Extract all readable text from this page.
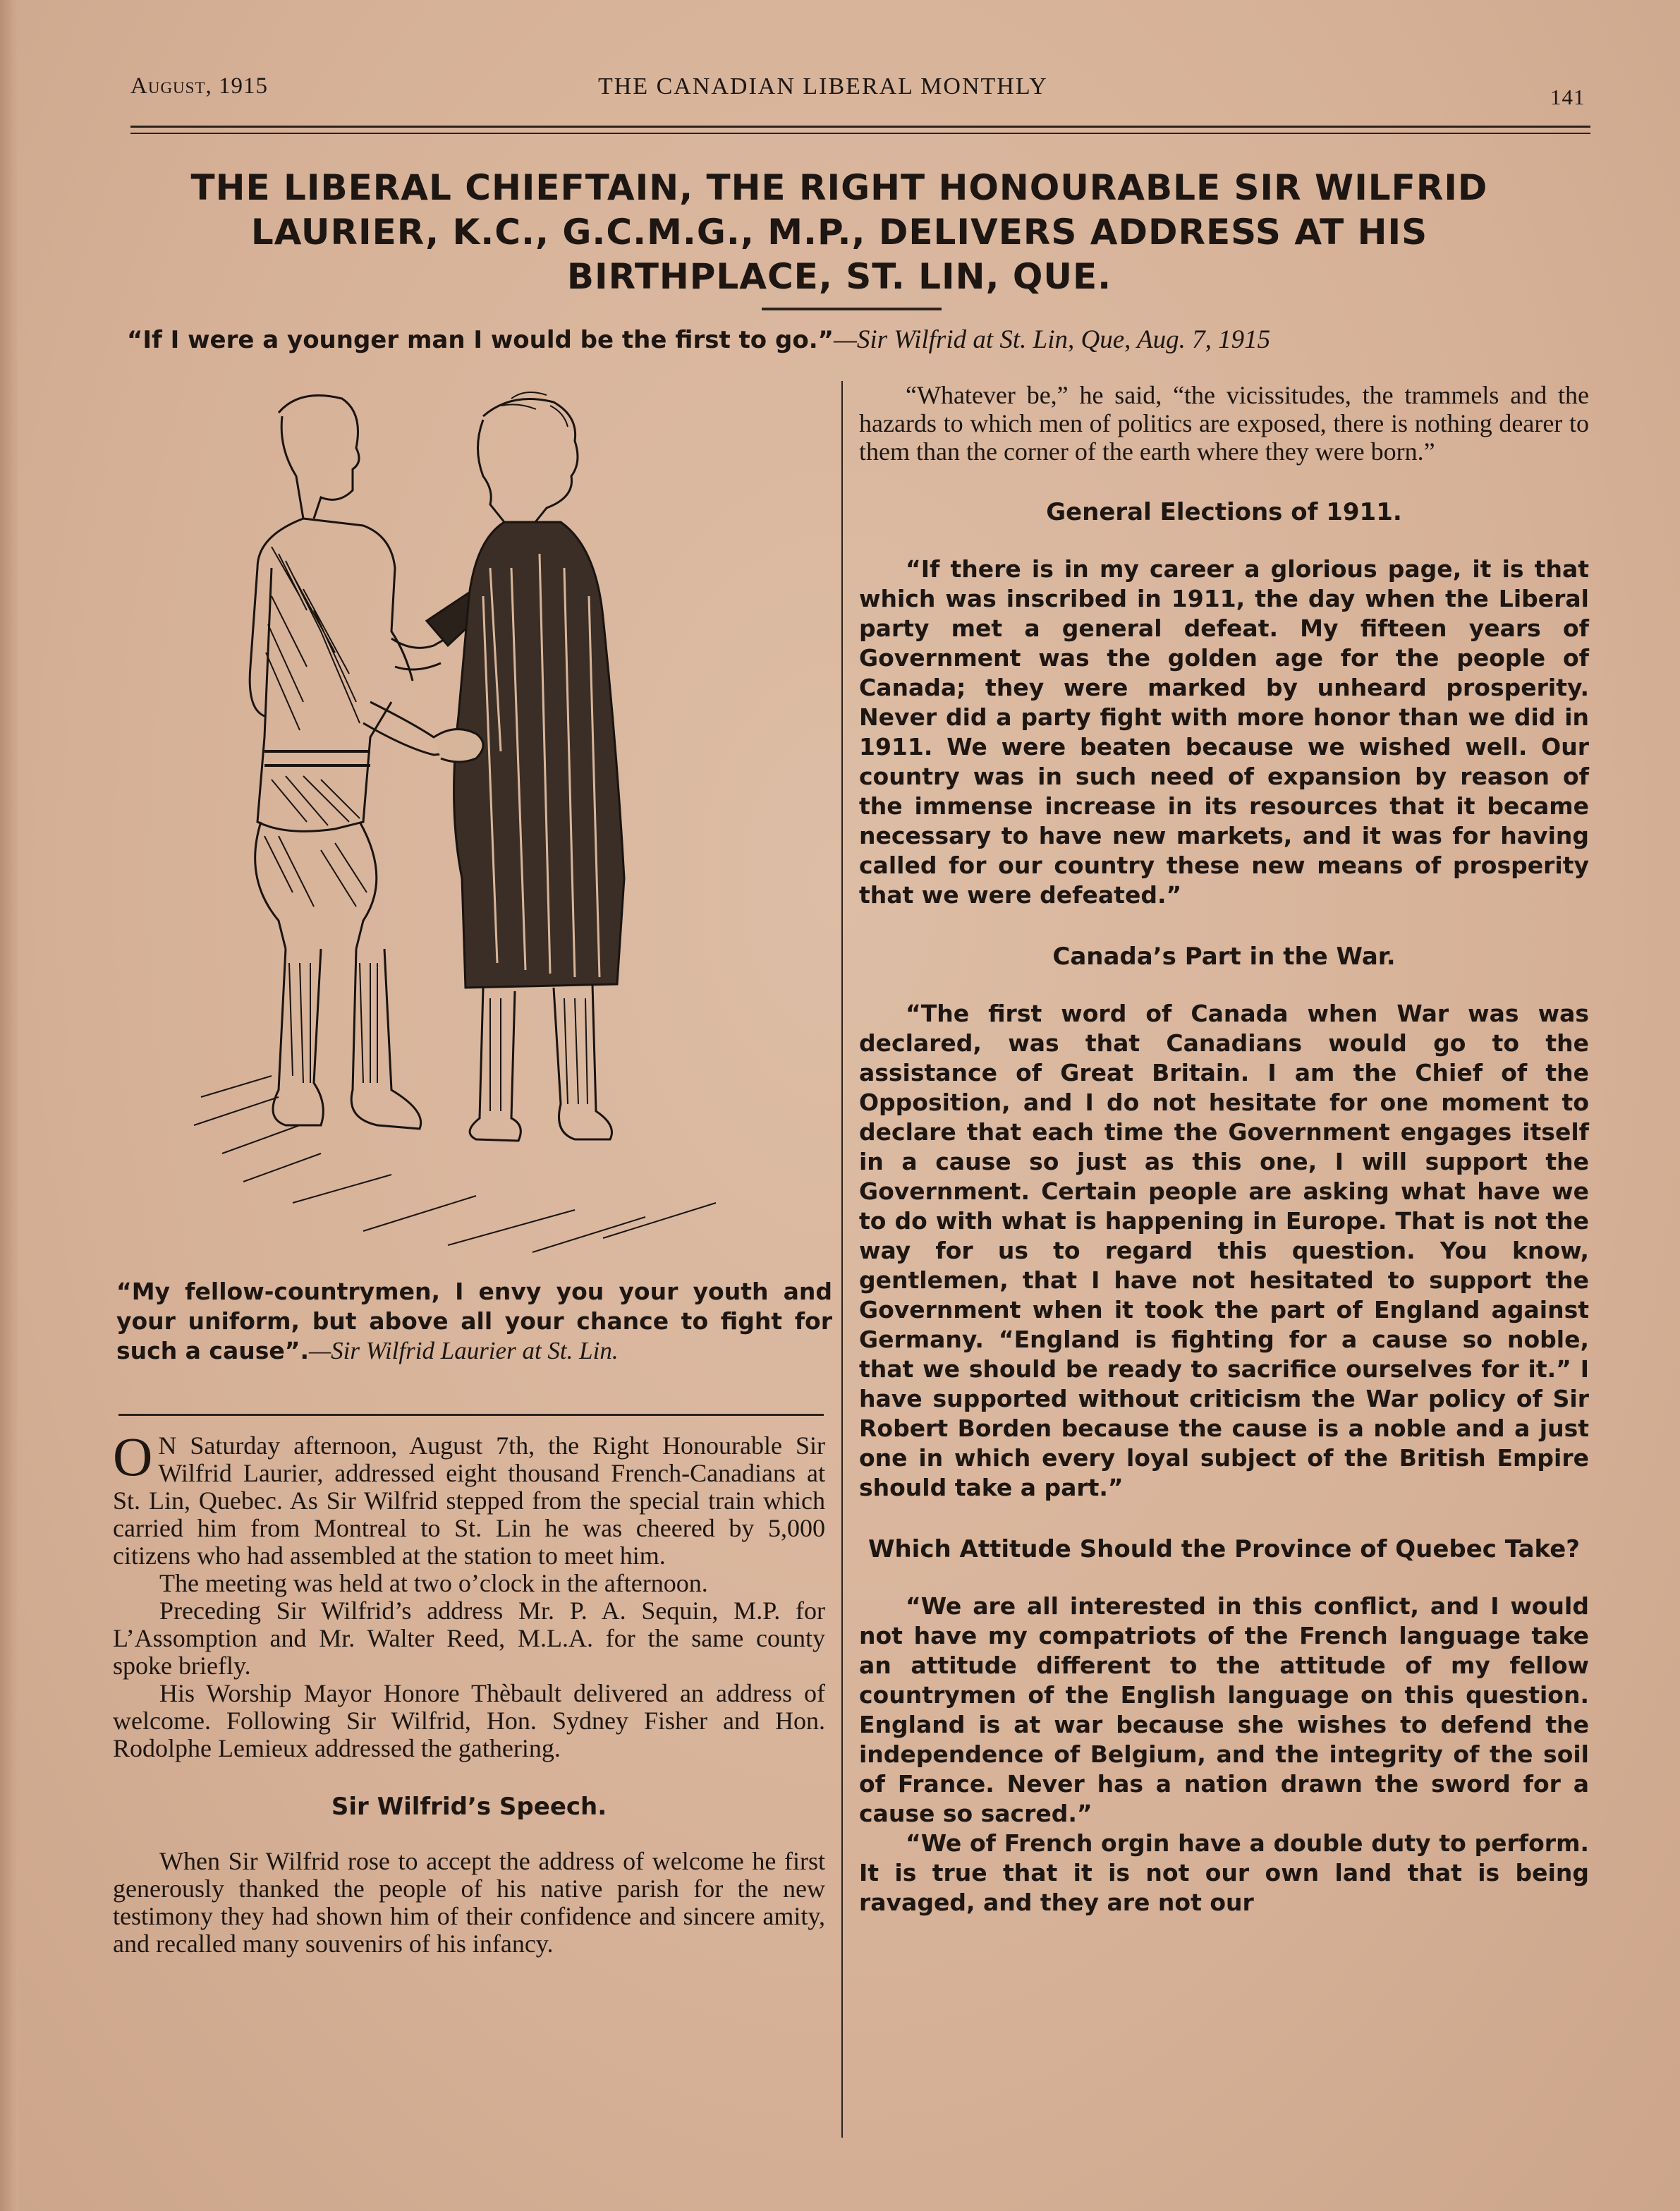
August, 1915	THE CANADIAN LIBERAL MONTHLY	141
THE LIBERAL CHIEFTAIN, THE RIGHT HONOURABLE SIR WILFRID LAURIER, K.C., G.C.M.G., M.P., DELIVERS ADDRESS AT HIS BIRTHPLACE, ST. LIN, QUE.
“If I were a younger man I would be the first to go.”—Sir Wilfrid at St. Lin, Que, Aug. 7, 1915
“My fellow-countrymen, I envy you your youth and your uniform, but above all your chance to fight for such a cause”.—Sir Wilfrid Laurier at St. Lin.

O N Saturday afternoon, August 7th, the Right Honourable Sir Wilfrid Laurier, addressed eight thousand French-Canadians at St. Lin, Quebec. As Sir Wilfrid stepped from the special train which carried him from Montreal to St. Lin he was cheered by 5,000 citizens who had assembled at the station to meet him.

The meeting was held at two o’clock in the afternoon.

Preceding Sir Wilfrid’s address Mr. P. A. Sequin, M.P. for L’Assomption and Mr. Walter Reed, M.L.A. for the same county spoke briefly.

His Worship Mayor Honore Thèbault delivered an address of welcome. Following Sir Wilfrid, Hon. Sydney Fisher and Hon. Rodolphe Lemieux addressed the gathering.

Sir Wilfrid’s Speech.

When Sir Wilfrid rose to accept the address of welcome he first generously thanked the people of his native parish for the new testimony they had shown him of their confidence and sincere amity, and recalled many souvenirs of his infancy.

“Whatever be,” he said, “the vicissitudes, the trammels and the hazards to which men of politics are exposed, there is nothing dearer to them than the corner of the earth where they were born.”

General Elections of 1911.

“If there is in my career a glorious page, it is that which was inscribed in 1911, the day when the Liberal party met a general defeat. My fifteen years of Government was the golden age for the people of Canada; they were marked by unheard prosperity. Never did a party fight with more honor than we did in 1911. We were beaten because we wished well. Our country was in such need of expansion by reason of the immense increase in its resources that it became necessary to have new markets, and it was for having called for our country these new means of prosperity that we were defeated.”

Canada’s Part in the War.

“The first word of Canada when War was was declared, was that Canadians would go to the assistance of Great Britain. I am the Chief of the Opposition, and I do not hesitate for one moment to declare that each time the Government engages itself in a cause so just as this one, I will support the Government. Certain people are asking what have we to do with what is happening in Europe. That is not the way for us to regard this question. You know, gentlemen, that I have not hesitated to support the Government when it took the part of England against Germany. “England is fighting for a cause so noble, that we should be ready to sacrifice ourselves for it.” I have supported without criticism the War policy of Sir Robert Borden because the cause is a noble and a just one in which every loyal subject of the British Empire should take a part.”

Which Attitude Should the Province of Quebec Take?

“We are all interested in this conflict, and I would not have my compatriots of the French language take an attitude different to the attitude of my fellow countrymen of the English language on this question. England is at war because she wishes to defend the independence of Belgium, and the integrity of the soil of France. Never has a nation drawn the sword for a cause so sacred.”

“We of French orgin have a double duty to perform. It is true that it is not our own land that is being ravaged, and they are not our
